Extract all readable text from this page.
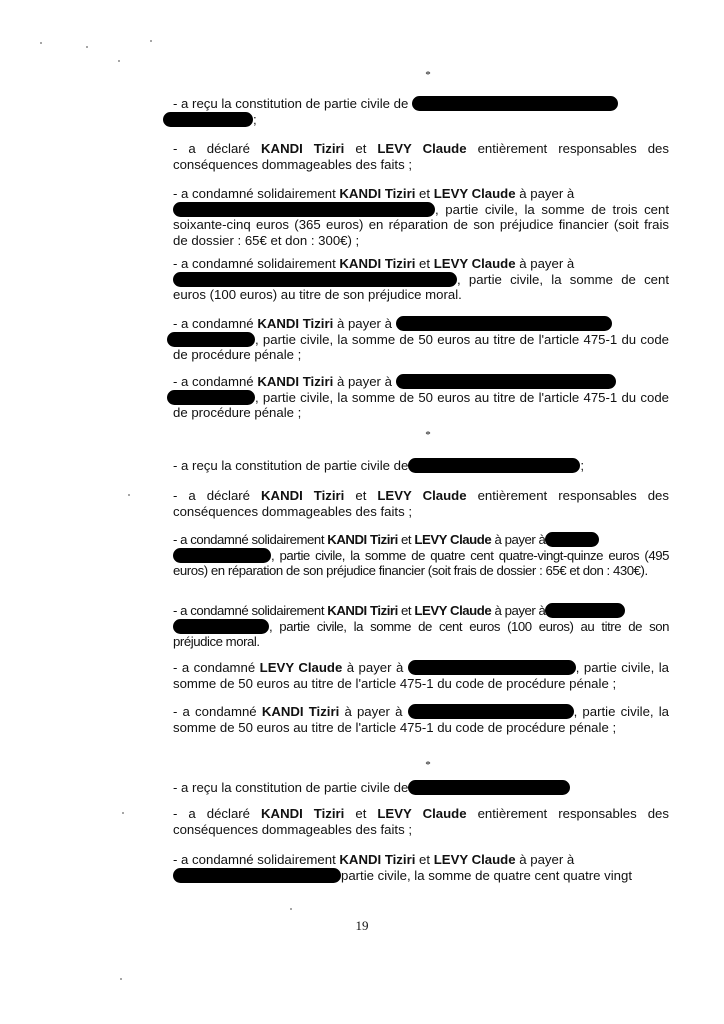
*

- a reçu la constitution de partie civile de
;

- a déclaré KANDI Tiziri et LEVY Claude entièrement responsables des conséquences dommageables des faits ;

- a condamné solidairement KANDI Tiziri et LEVY Claude à payer à
, partie civile, la somme de trois cent soixante-cinq euros (365 euros) en réparation de son préjudice financier (soit frais de dossier : 65€ et don : 300€) ;

- a condamné solidairement KANDI Tiziri et LEVY Claude à payer à
, partie civile, la somme de cent euros (100 euros) au titre de son préjudice moral.

- a condamné KANDI Tiziri à payer à
, partie civile, la somme de 50 euros au titre de l'article 475-1 du code de procédure pénale ;

- a condamné KANDI Tiziri à payer à
, partie civile, la somme de 50 euros au titre de l'article 475-1 du code de procédure pénale ;

*

- a reçu la constitution de partie civile de	;

- a déclaré KANDI Tiziri et LEVY Claude entièrement responsables des conséquences dommageables des faits ;

- a condamné solidairement KANDI Tiziri et LEVY Claude à payer à
, partie civile, la somme de quatre cent quatre-vingt-quinze euros (495 euros) en réparation de son préjudice financier (soit frais de dossier : 65€ et don : 430€).

- a condamné solidairement KANDI Tiziri et LEVY Claude à payer à
, partie civile, la somme de cent euros (100 euros) au titre de son préjudice moral.

- a condamné LEVY Claude à payer à	, partie civile, la somme de 50 euros au titre de l'article 475-1 du code de procédure pénale ;

- a condamné KANDI Tiziri à payer à	, partie civile, la somme de 50 euros au titre de l'article 475-1 du code de procédure pénale ;

*

- a reçu la constitution de partie civile de

- a déclaré KANDI Tiziri et LEVY Claude entièrement responsables des conséquences dommageables des faits ;

- a condamné solidairement KANDI Tiziri et LEVY Claude à payer à
partie civile, la somme de quatre cent quatre vingt

19
